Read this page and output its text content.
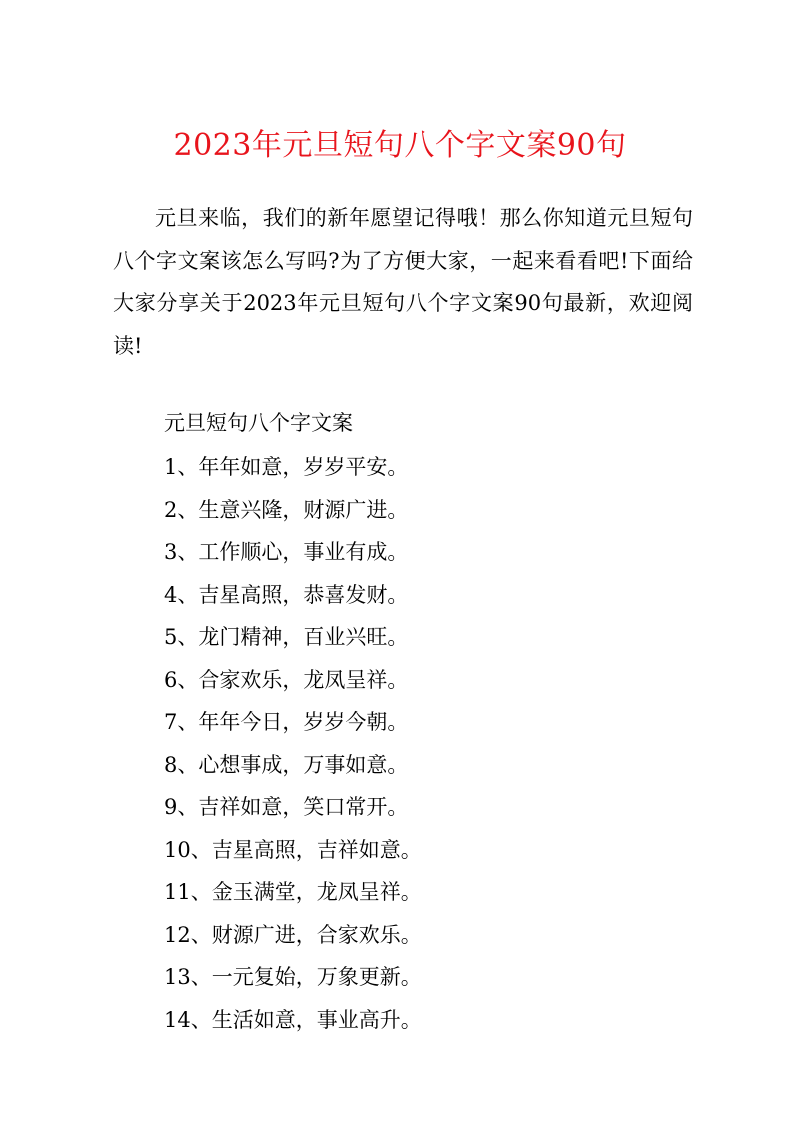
2023年元旦短句八个字文案90句

元旦来临，我们的新年愿望记得哦！那么你知道元旦短句八个字文案该怎么写吗?为了方便大家，一起来看看吧!下面给大家分享关于2023年元旦短句八个字文案90句最新，欢迎阅读!

元旦短句八个字文案

1、年年如意，岁岁平安。
2、生意兴隆，财源广进。
3、工作顺心，事业有成。
4、吉星高照，恭喜发财。
5、龙门精神，百业兴旺。
6、合家欢乐，龙凤呈祥。
7、年年今日，岁岁今朝。
8、心想事成，万事如意。
9、吉祥如意，笑口常开。
10、吉星高照，吉祥如意。
11、金玉满堂，龙凤呈祥。
12、财源广进，合家欢乐。
13、一元复始，万象更新。
14、生活如意，事业高升。
